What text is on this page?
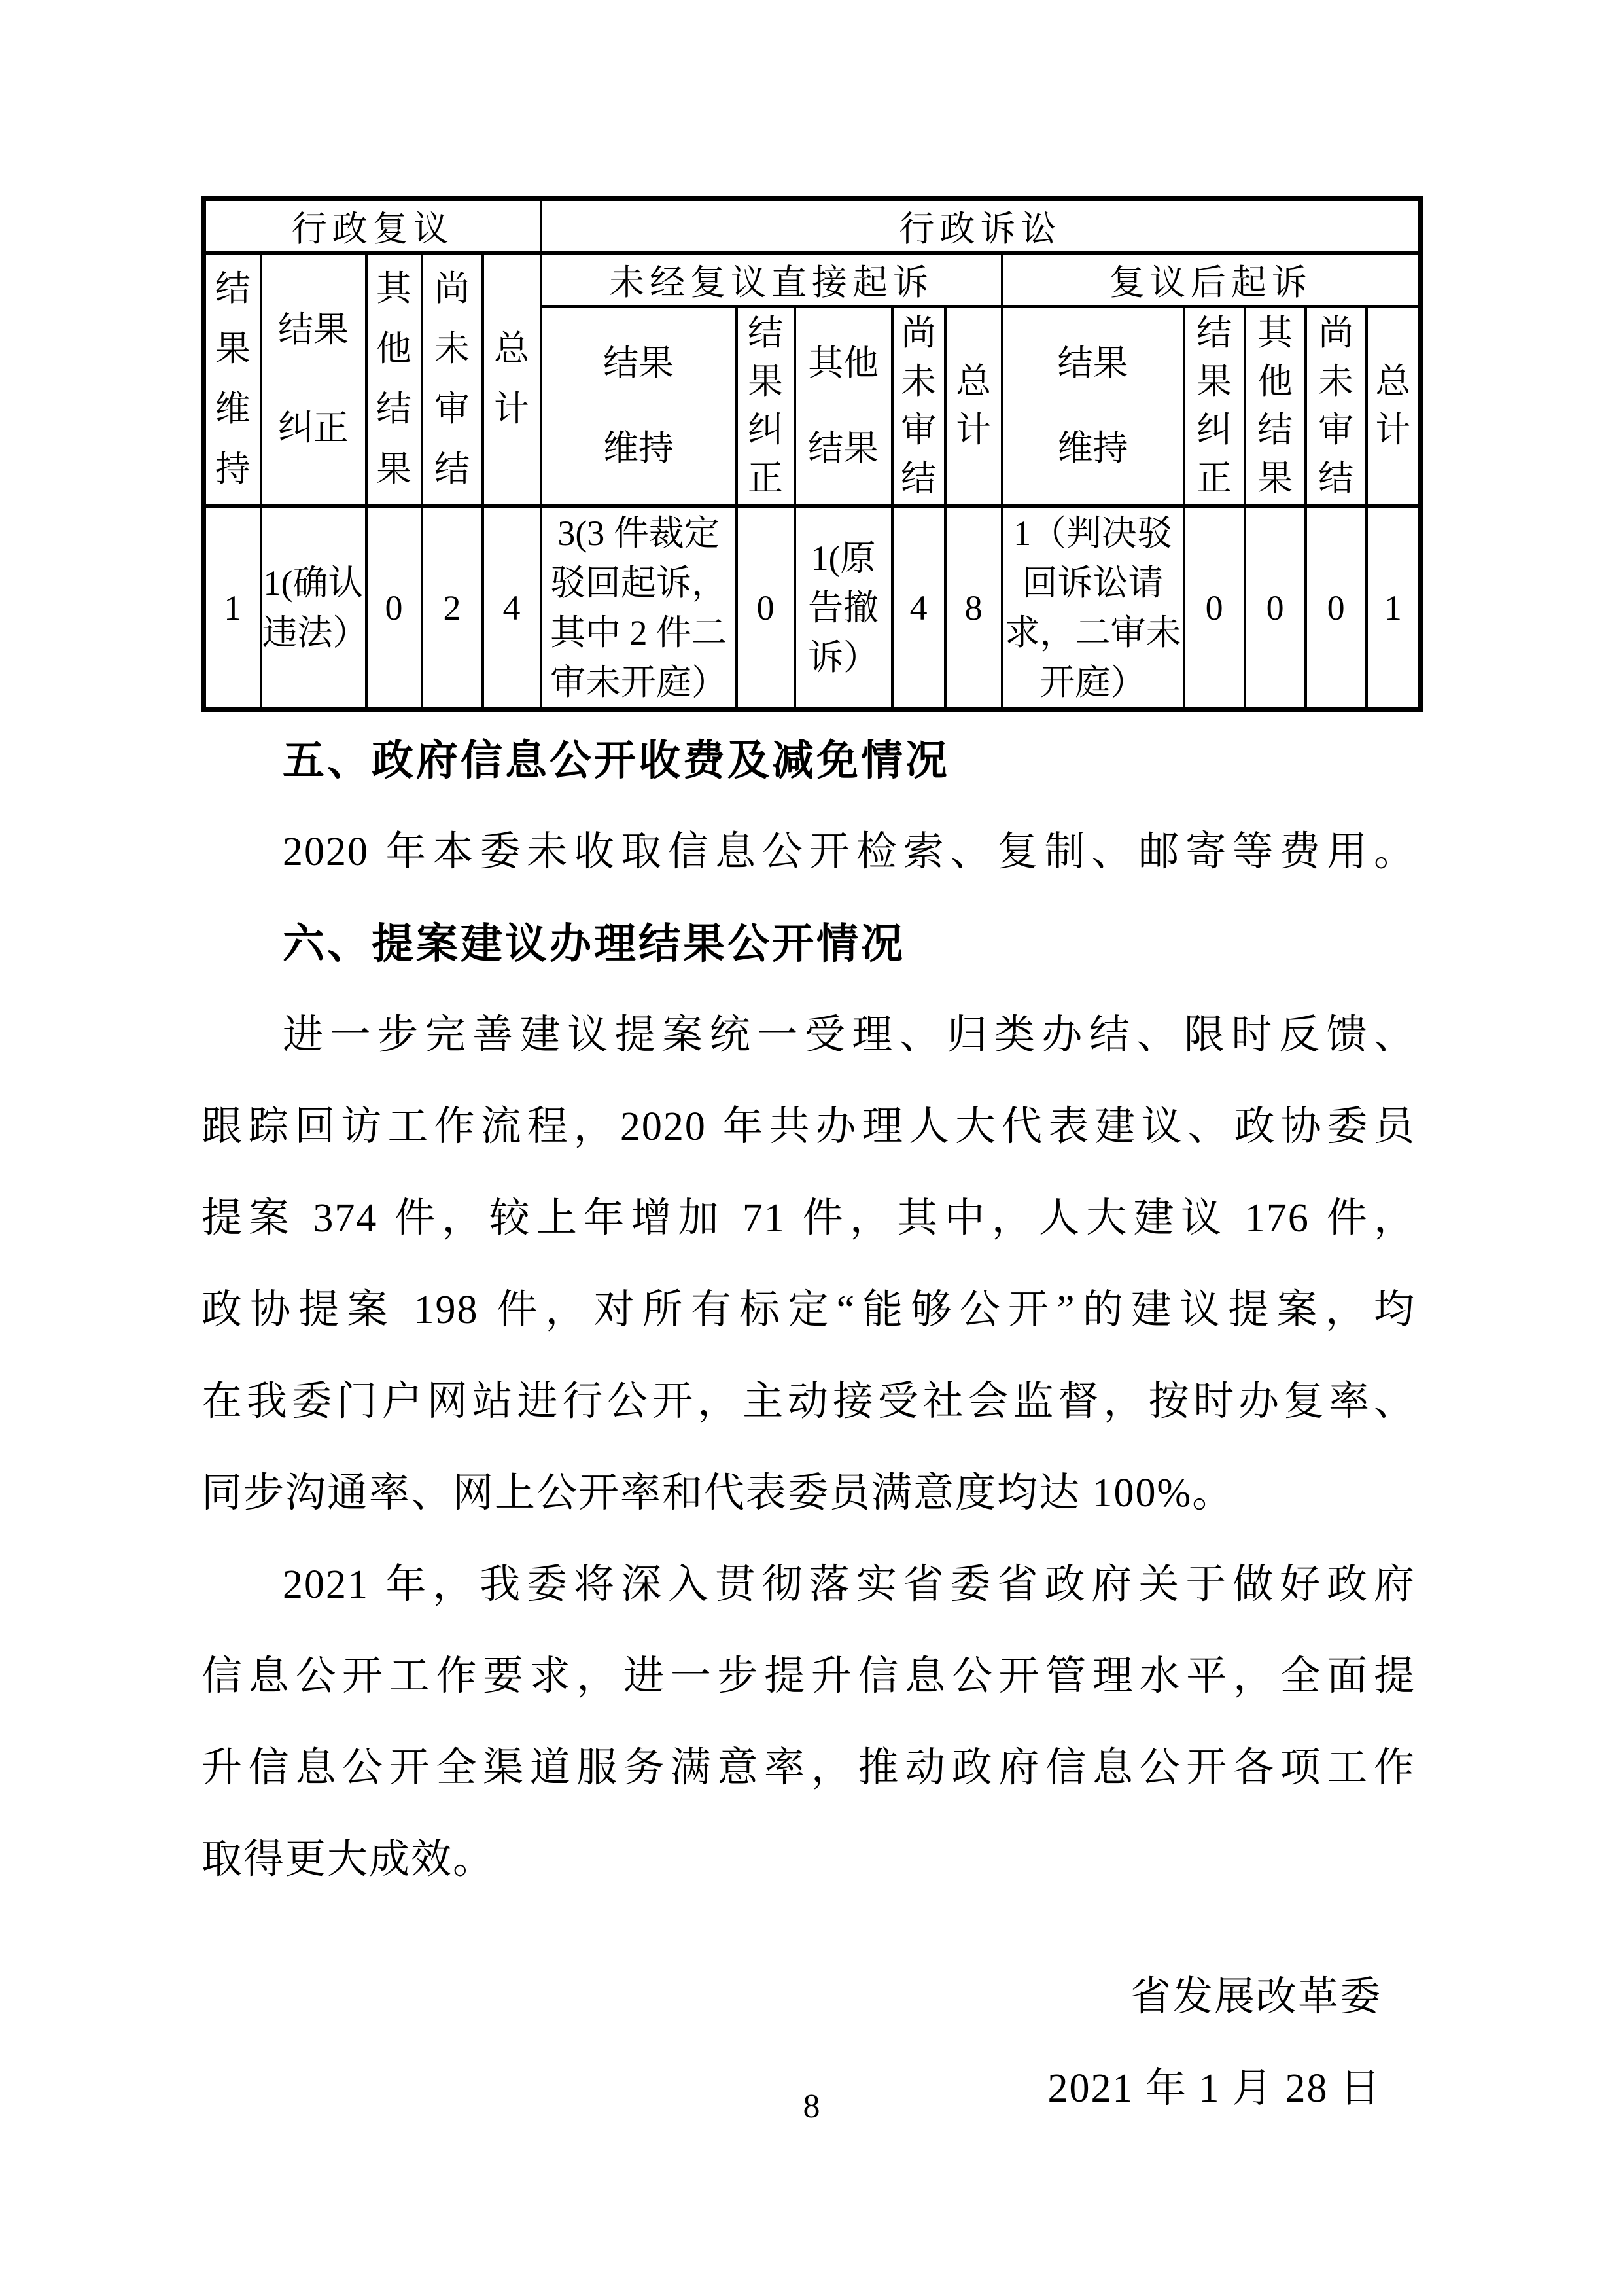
行政复议					行政诉讼									
结果维持	结果纠正	其他结果	尚未审结	总计	未经复议直接起诉					复议后起诉				
					结果维持	结果纠正	其他结果	尚未审结	总计	结果维持	结果纠正	其他结果	尚未审结	总计
1	1(确认违法）	0	2	4	3(3 件裁定驳回起诉，其中 2 件二审未开庭）	0	1(原告撤诉）	4	8	1（判决驳回诉讼请求，二审未开庭）	0	0	0	1
五、政府信息公开收费及减免情况
2020 年本委未收取信息公开检索、复制、邮寄等费用。
六、提案建议办理结果公开情况
进一步完善建议提案统一受理、归类办结、限时反馈、
跟踪回访工作流程，2020 年共办理人大代表建议、政协委员
提案 374 件，较上年增加 71 件，其中，人大建议 176 件，
政协提案 198 件，对所有标定“能够公开”的建议提案，均
在我委门户网站进行公开，主动接受社会监督，按时办复率、
同步沟通率、网上公开率和代表委员满意度均达 100%。
2021 年，我委将深入贯彻落实省委省政府关于做好政府
信息公开工作要求，进一步提升信息公开管理水平，全面提
升信息公开全渠道服务满意率，推动政府信息公开各项工作
取得更大成效。
省发展改革委
2021 年 1 月 28 日
8
